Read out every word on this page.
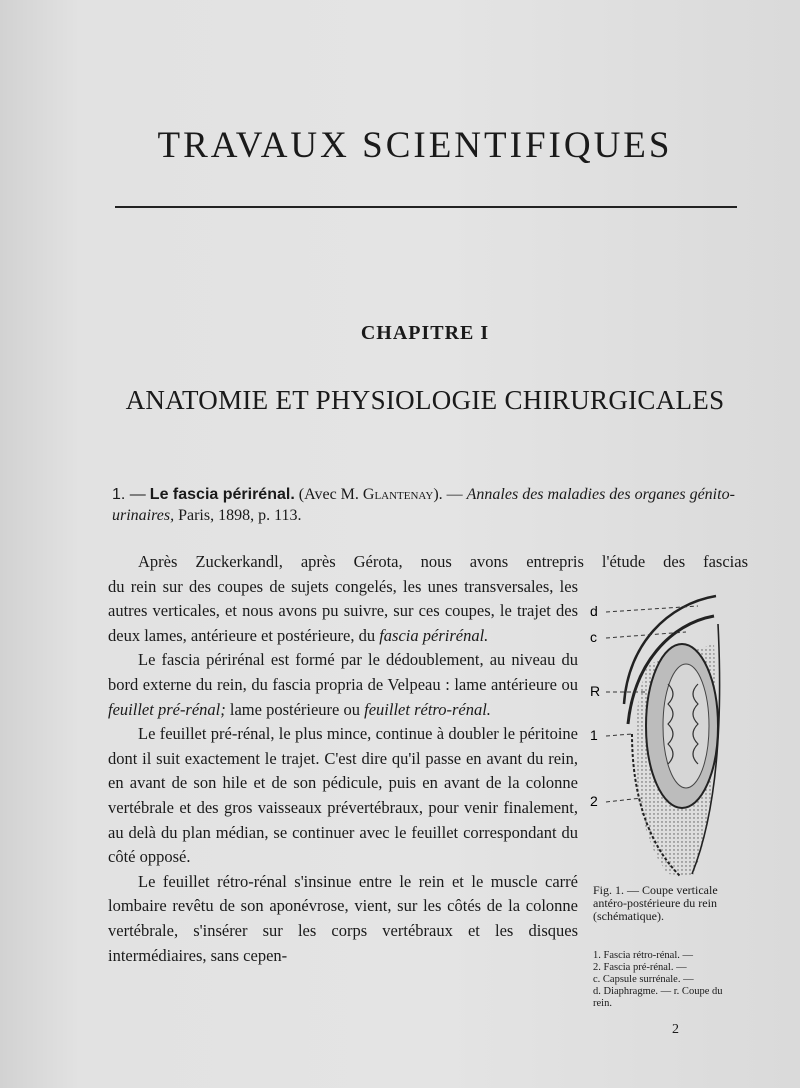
TRAVAUX SCIENTIFIQUES
CHAPITRE I
ANATOMIE ET PHYSIOLOGIE CHIRURGICALES

1. — Le fascia périrénal. (Avec M. Glantenay). — Annales des maladies des organes génito-urinaires, Paris, 1898, p. 113.

Après Zuckerkandl, après Gérota, nous avons entrepris l'étude des fascias

du rein sur des coupes de sujets congelés, les unes transversales, les autres verticales, et nous avons pu suivre, sur ces coupes, le trajet des deux lames, antérieure et postérieure, du fascia périrénal.

Le fascia périrénal est formé par le dédoublement, au niveau du bord externe du rein, du fascia propria de Velpeau : lame antérieure ou feuillet pré-rénal; lame postérieure ou feuillet rétro-rénal.

Le feuillet pré-rénal, le plus mince, continue à doubler le péritoine dont il suit exactement le trajet. C'est dire qu'il passe en avant du rein, en avant de son hile et de son pédicule, puis en avant de la colonne vertébrale et des gros vaisseaux prévertébraux, pour venir finalement, au delà du plan médian, se continuer avec le feuillet correspondant du côté opposé.

Le feuillet rétro-rénal s'insinue entre le rein et le muscle carré lombaire revêtu de son aponévrose, vient, sur les côtés de la colonne vertébrale, s'insérer sur les corps vertébraux et les disques intermédiaires, sans cepen-

d
c
R
1
2

Fig. 1. — Coupe verticale antéro-postérieure du rein (schématique).

1. Fascia rétro-rénal. —

2. Fascia pré-rénal. —

c. Capsule surrénale. —

d. Diaphragme. — r. Coupe du rein.

2
